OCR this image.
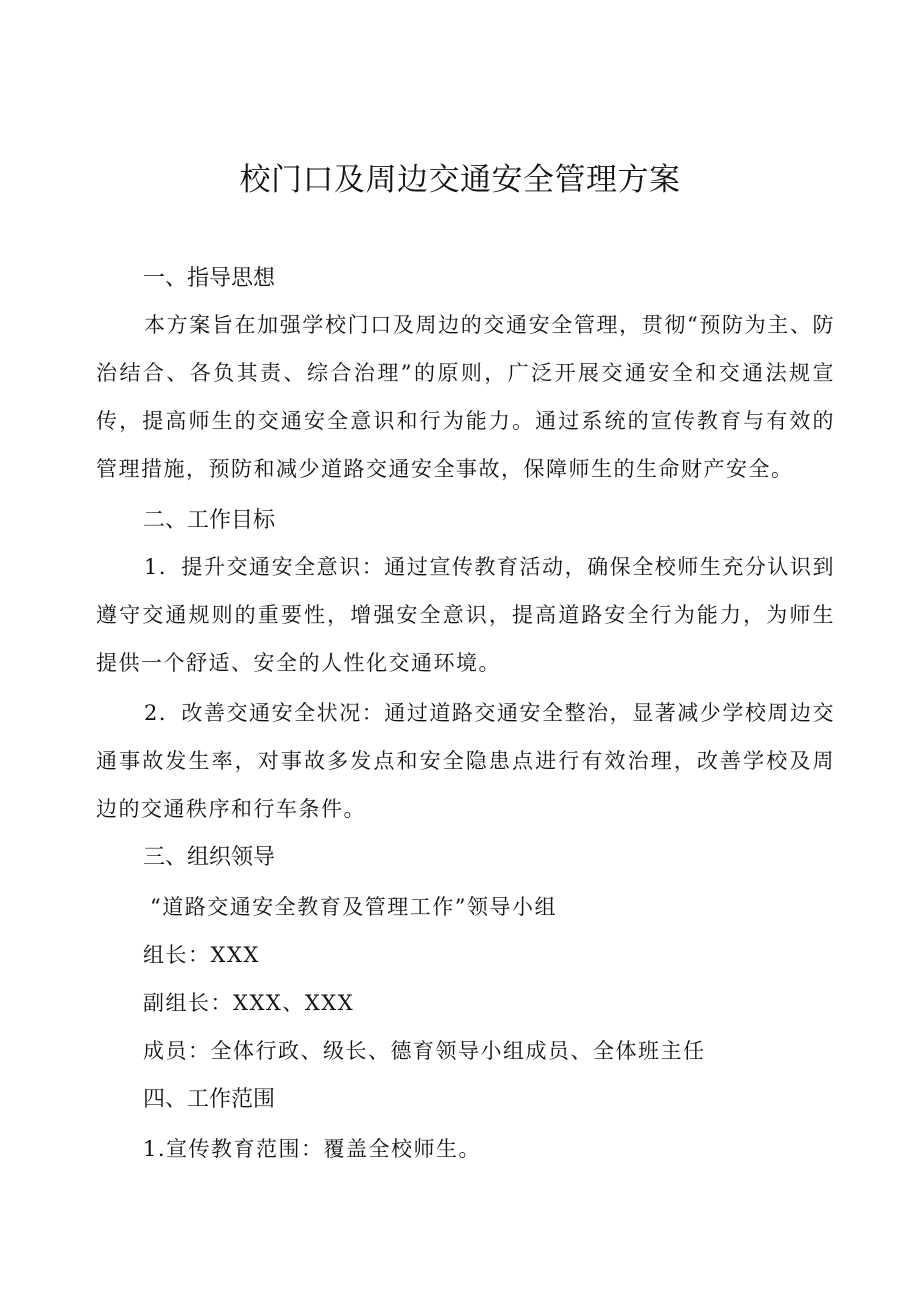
校门口及周边交通安全管理方案
一、指导思想

本方案旨在加强学校门口及周边的交通安全管理，贯彻“预防为主、防治结合、各负其责、综合治理”的原则，广泛开展交通安全和交通法规宣传，提高师生的交通安全意识和行为能力。通过系统的宣传教育与有效的管理措施，预防和减少道路交通安全事故，保障师生的生命财产安全。

二、工作目标

1．提升交通安全意识：通过宣传教育活动，确保全校师生充分认识到遵守交通规则的重要性，增强安全意识，提高道路安全行为能力，为师生提供一个舒适、安全的人性化交通环境。

2．改善交通安全状况：通过道路交通安全整治，显著减少学校周边交通事故发生率，对事故多发点和安全隐患点进行有效治理，改善学校及周边的交通秩序和行车条件。

三、组织领导
“道路交通安全教育及管理工作”领导小组
组长：XXX
副组长：XXX、XXX
成员：全体行政、级长、德育领导小组成员、全体班主任
四、工作范围
1.宣传教育范围：覆盖全校师生。
